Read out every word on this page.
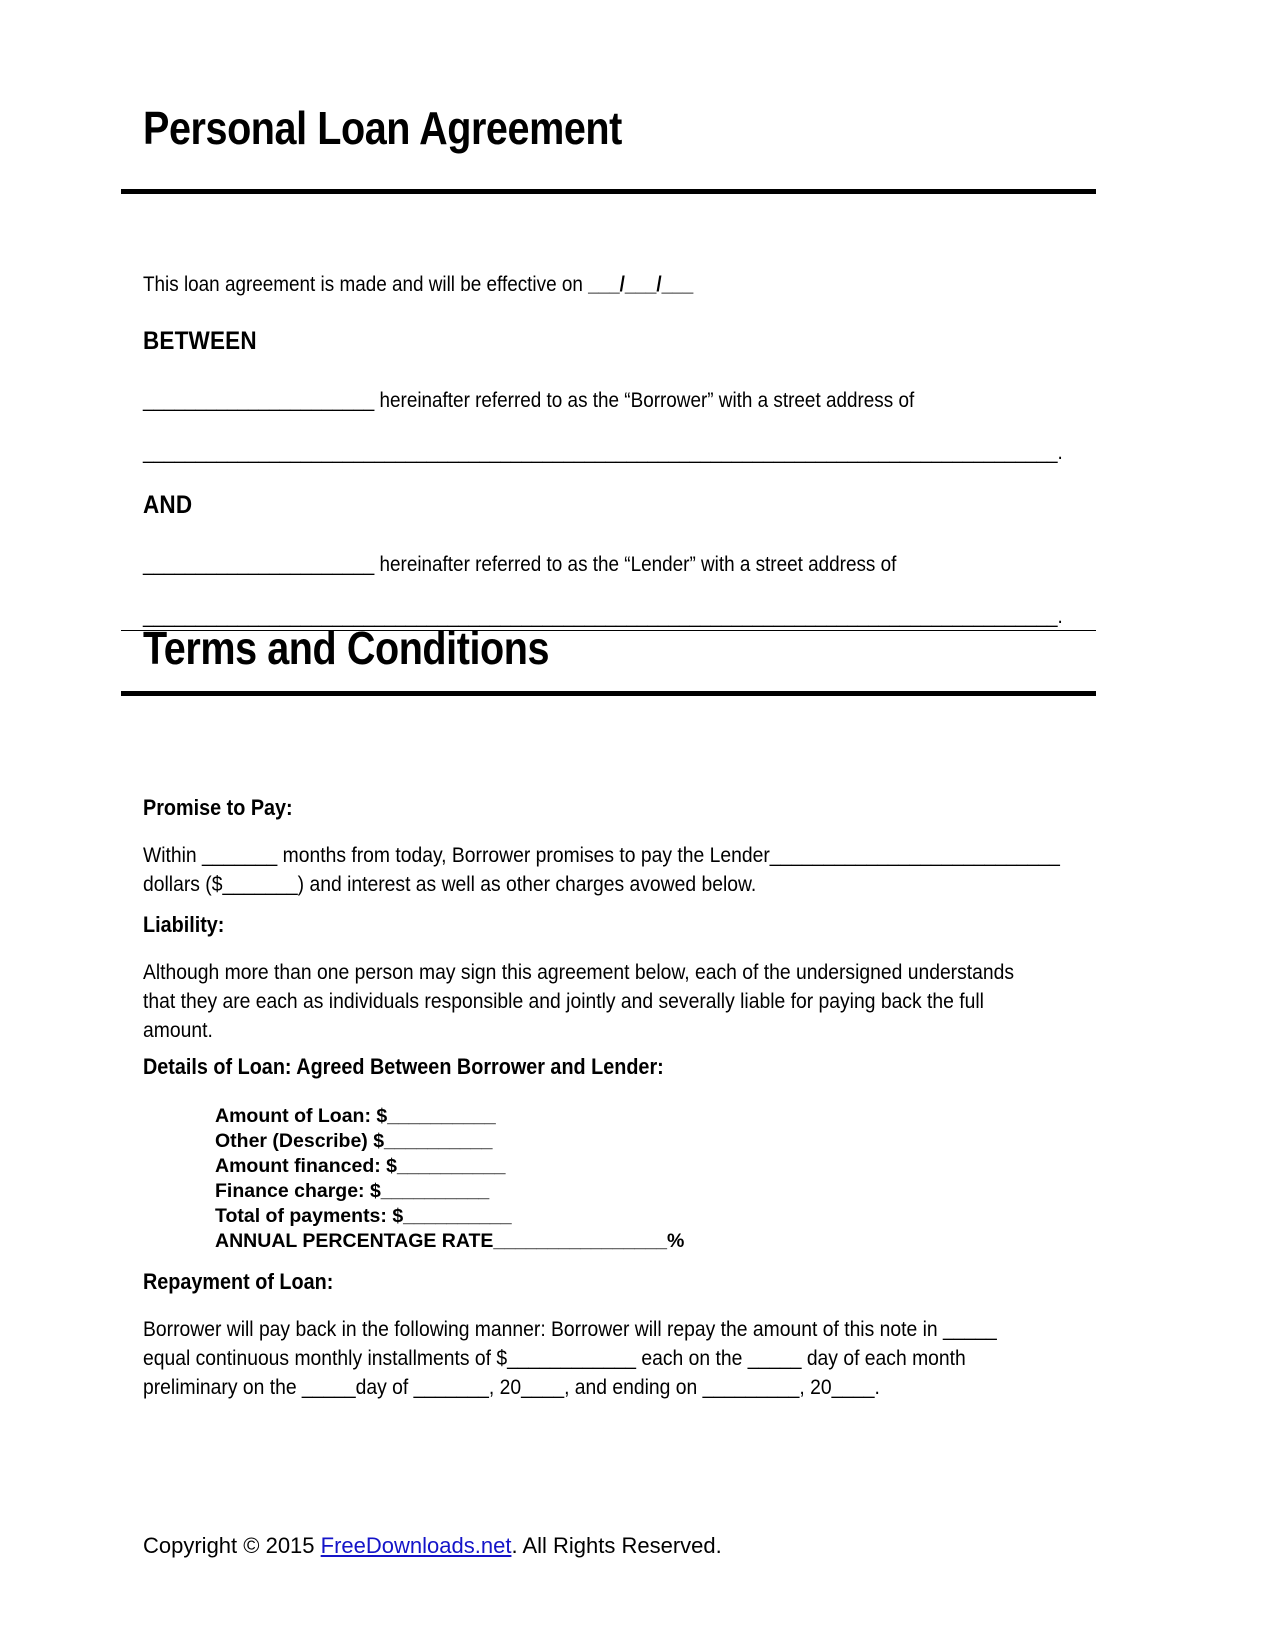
Personal Loan Agreement
This loan agreement is made and will be effective on ___/___/___
BETWEEN
______________________ hereinafter referred to as the “Borrower” with a street address of
_______________________________________________________________________________________.
AND
______________________ hereinafter referred to as the “Lender” with a street address of
_______________________________________________________________________________________.
Terms and Conditions
Promise to Pay:
Within _______ months from today, Borrower promises to pay the Lender___________________________
dollars ($_______) and interest as well as other charges avowed below.
Liability:
Although more than one person may sign this agreement below, each of the undersigned understands
that they are each as individuals responsible and jointly and severally liable for paying back the full
amount.
Details of Loan: Agreed Between Borrower and Lender:
Amount of Loan: $__________
Other (Describe) $__________
Amount financed: $__________
Finance charge: $__________
Total of payments: $__________
ANNUAL PERCENTAGE RATE________________%
Repayment of Loan:
Borrower will pay back in the following manner: Borrower will repay the amount of this note in _____
equal continuous monthly installments of $____________ each on the _____ day of each month
preliminary on the _____day of _______, 20____, and ending on _________, 20____.
Copyright © 2015 FreeDownloads.net. All Rights Reserved.
